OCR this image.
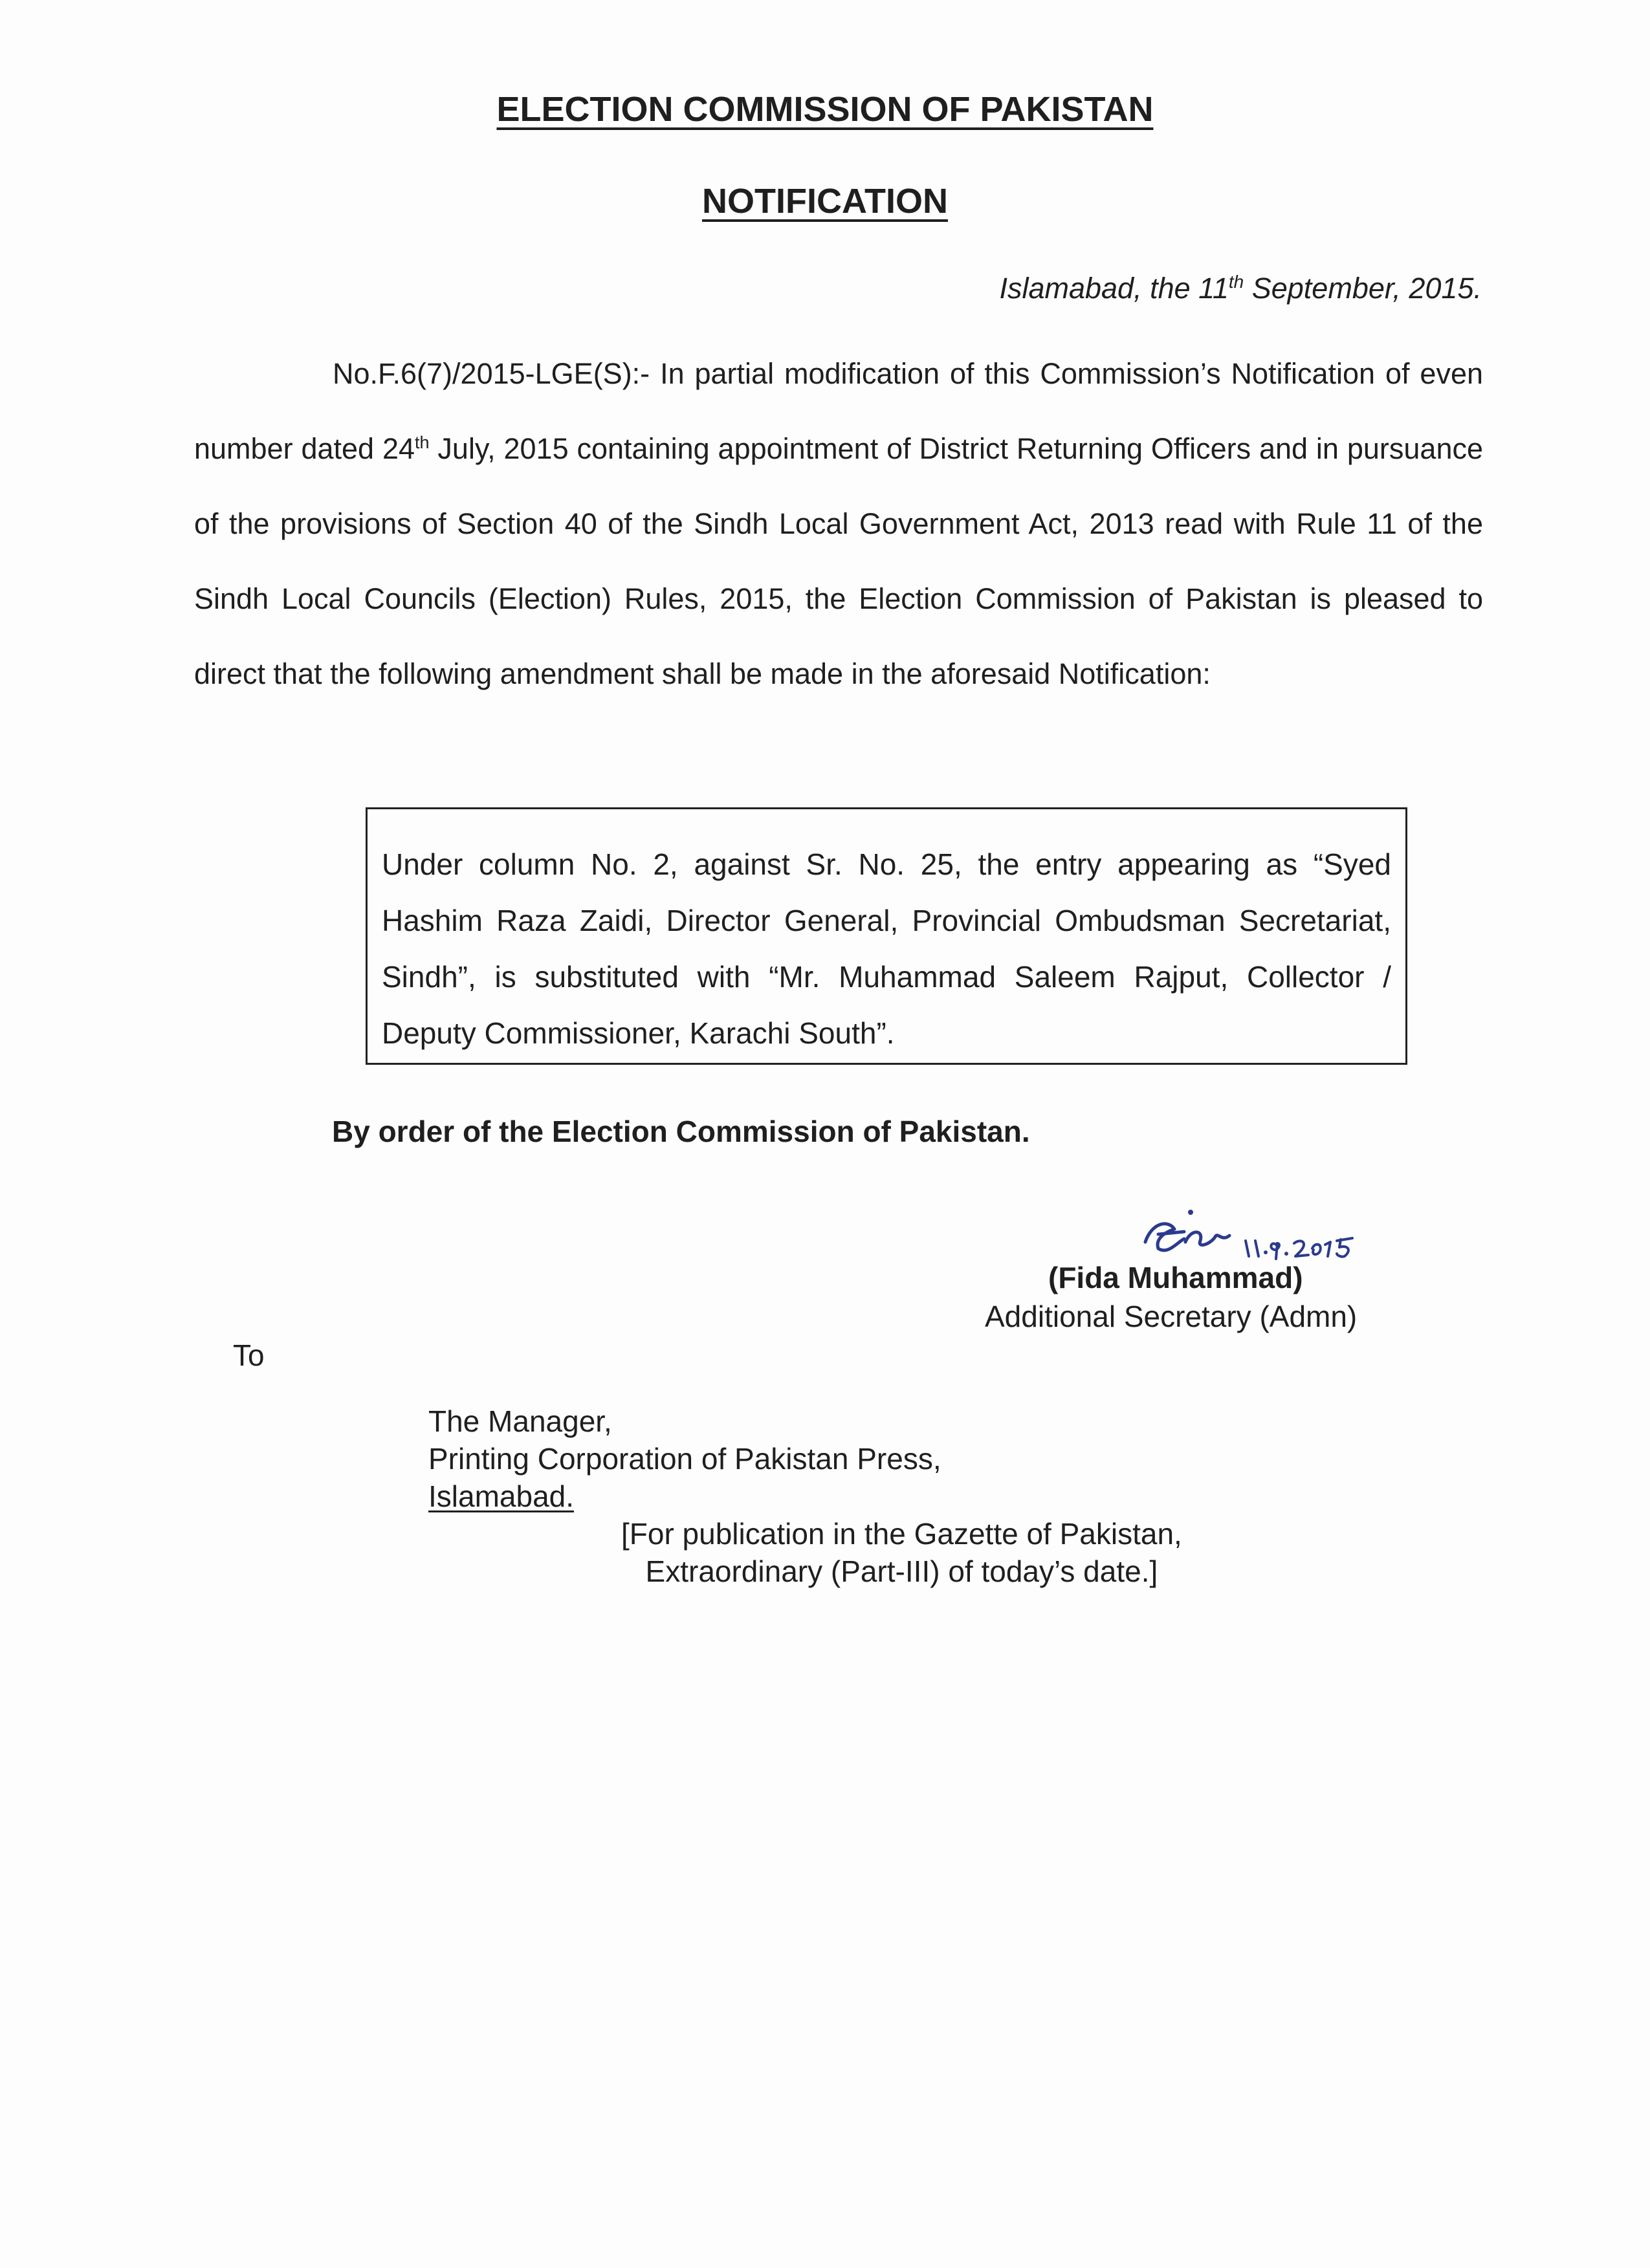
ELECTION COMMISSION OF PAKISTAN
NOTIFICATION

Islamabad, the 11th September, 2015.

No.F.6(7)/2015-LGE(S):- In partial modification of this Commission’s Notification of even number dated 24th July, 2015 containing appointment of District Returning Officers and in pursuance of the provisions of Section 40 of the Sindh Local Government Act, 2013 read with Rule 11 of the Sindh Local Councils (Election) Rules, 2015, the Election Commission of Pakistan is pleased to direct that the following amendment shall be made in the aforesaid Notification:

Under column No. 2, against Sr. No. 25, the entry appearing as “Syed Hashim Raza Zaidi, Director General, Provincial Ombudsman Secretariat, Sindh”, is substituted with “Mr. Muhammad Saleem Rajput, Collector / Deputy Commissioner, Karachi South”.

By order of the Election Commission of Pakistan.

(Fida Muhammad)

Additional Secretary (Admn)

To

The Manager,
Printing Corporation of Pakistan Press,
Islamabad.

[For publication in the Gazette of Pakistan,
Extraordinary (Part-III) of today’s date.]
